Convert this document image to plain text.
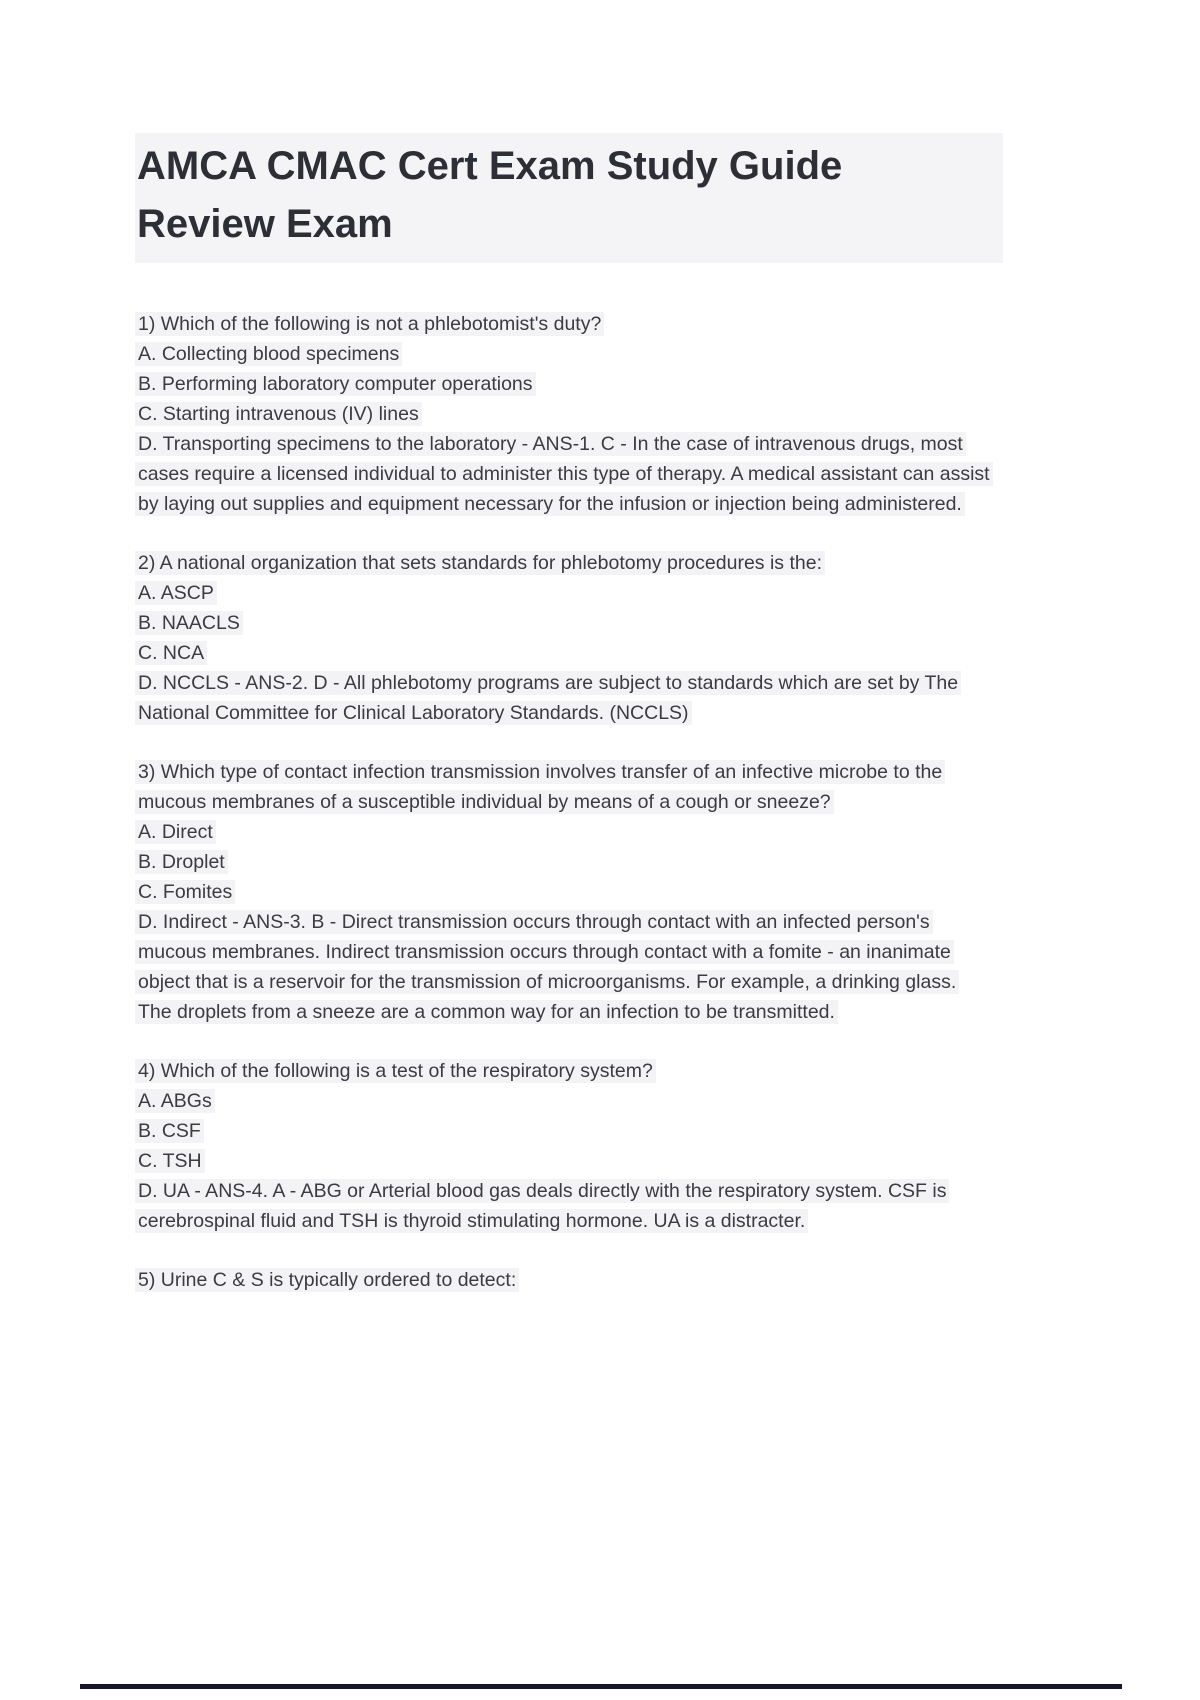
AMCA CMAC Cert Exam Study Guide
Review Exam

1) Which of the following is not a phlebotomist's duty?

A. Collecting blood specimens

B. Performing laboratory computer operations

C. Starting intravenous (IV) lines

D. Transporting specimens to the laboratory - ANS-1. C - In the case of intravenous drugs, most cases require a licensed individual to administer this type of therapy. A medical assistant can assist by laying out supplies and equipment necessary for the infusion or injection being administered.

2) A national organization that sets standards for phlebotomy procedures is the:

A. ASCP

B. NAACLS

C. NCA

D. NCCLS - ANS-2. D - All phlebotomy programs are subject to standards which are set by The National Committee for Clinical Laboratory Standards. (NCCLS)

3) Which type of contact infection transmission involves transfer of an infective microbe to the mucous membranes of a susceptible individual by means of a cough or sneeze?

A. Direct

B. Droplet

C. Fomites

D. Indirect - ANS-3. B - Direct transmission occurs through contact with an infected person's mucous membranes. Indirect transmission occurs through contact with a fomite - an inanimate object that is a reservoir for the transmission of microorganisms. For example, a drinking glass.

The droplets from a sneeze are a common way for an infection to be transmitted.

4) Which of the following is a test of the respiratory system?

A. ABGs

B. CSF

C. TSH

D. UA - ANS-4. A - ABG or Arterial blood gas deals directly with the respiratory system. CSF is cerebrospinal fluid and TSH is thyroid stimulating hormone. UA is a distracter.

5) Urine C & S is typically ordered to detect:
